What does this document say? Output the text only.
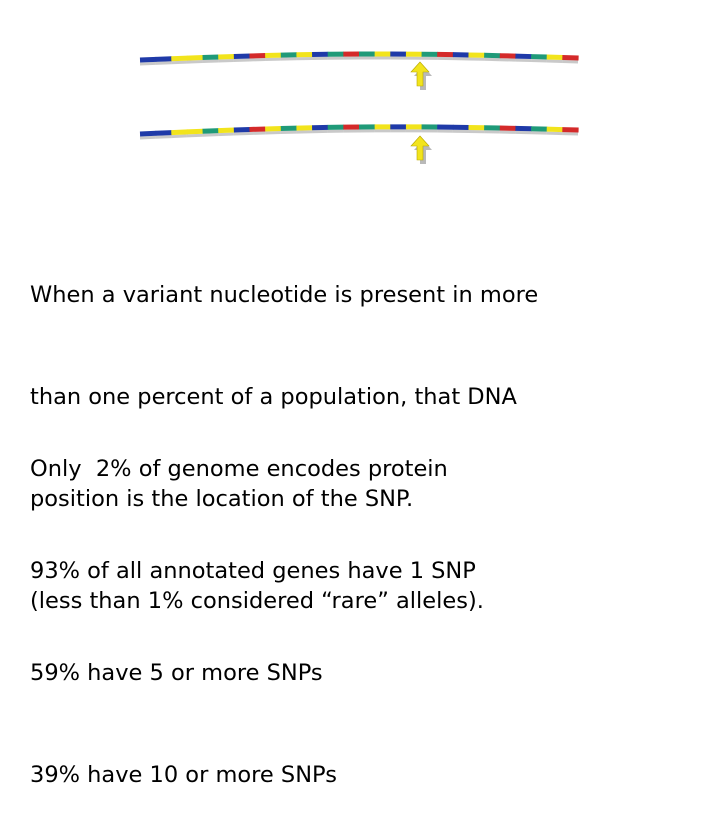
When a variant nucleotide is present in more

than one percent of a population, that DNA

position is the location of the SNP.

(less than 1% considered “rare” alleles).

Only  2% of genome encodes protein

93% of all annotated genes have 1 SNP

59% have 5 or more SNPs

39% have 10 or more SNPs
